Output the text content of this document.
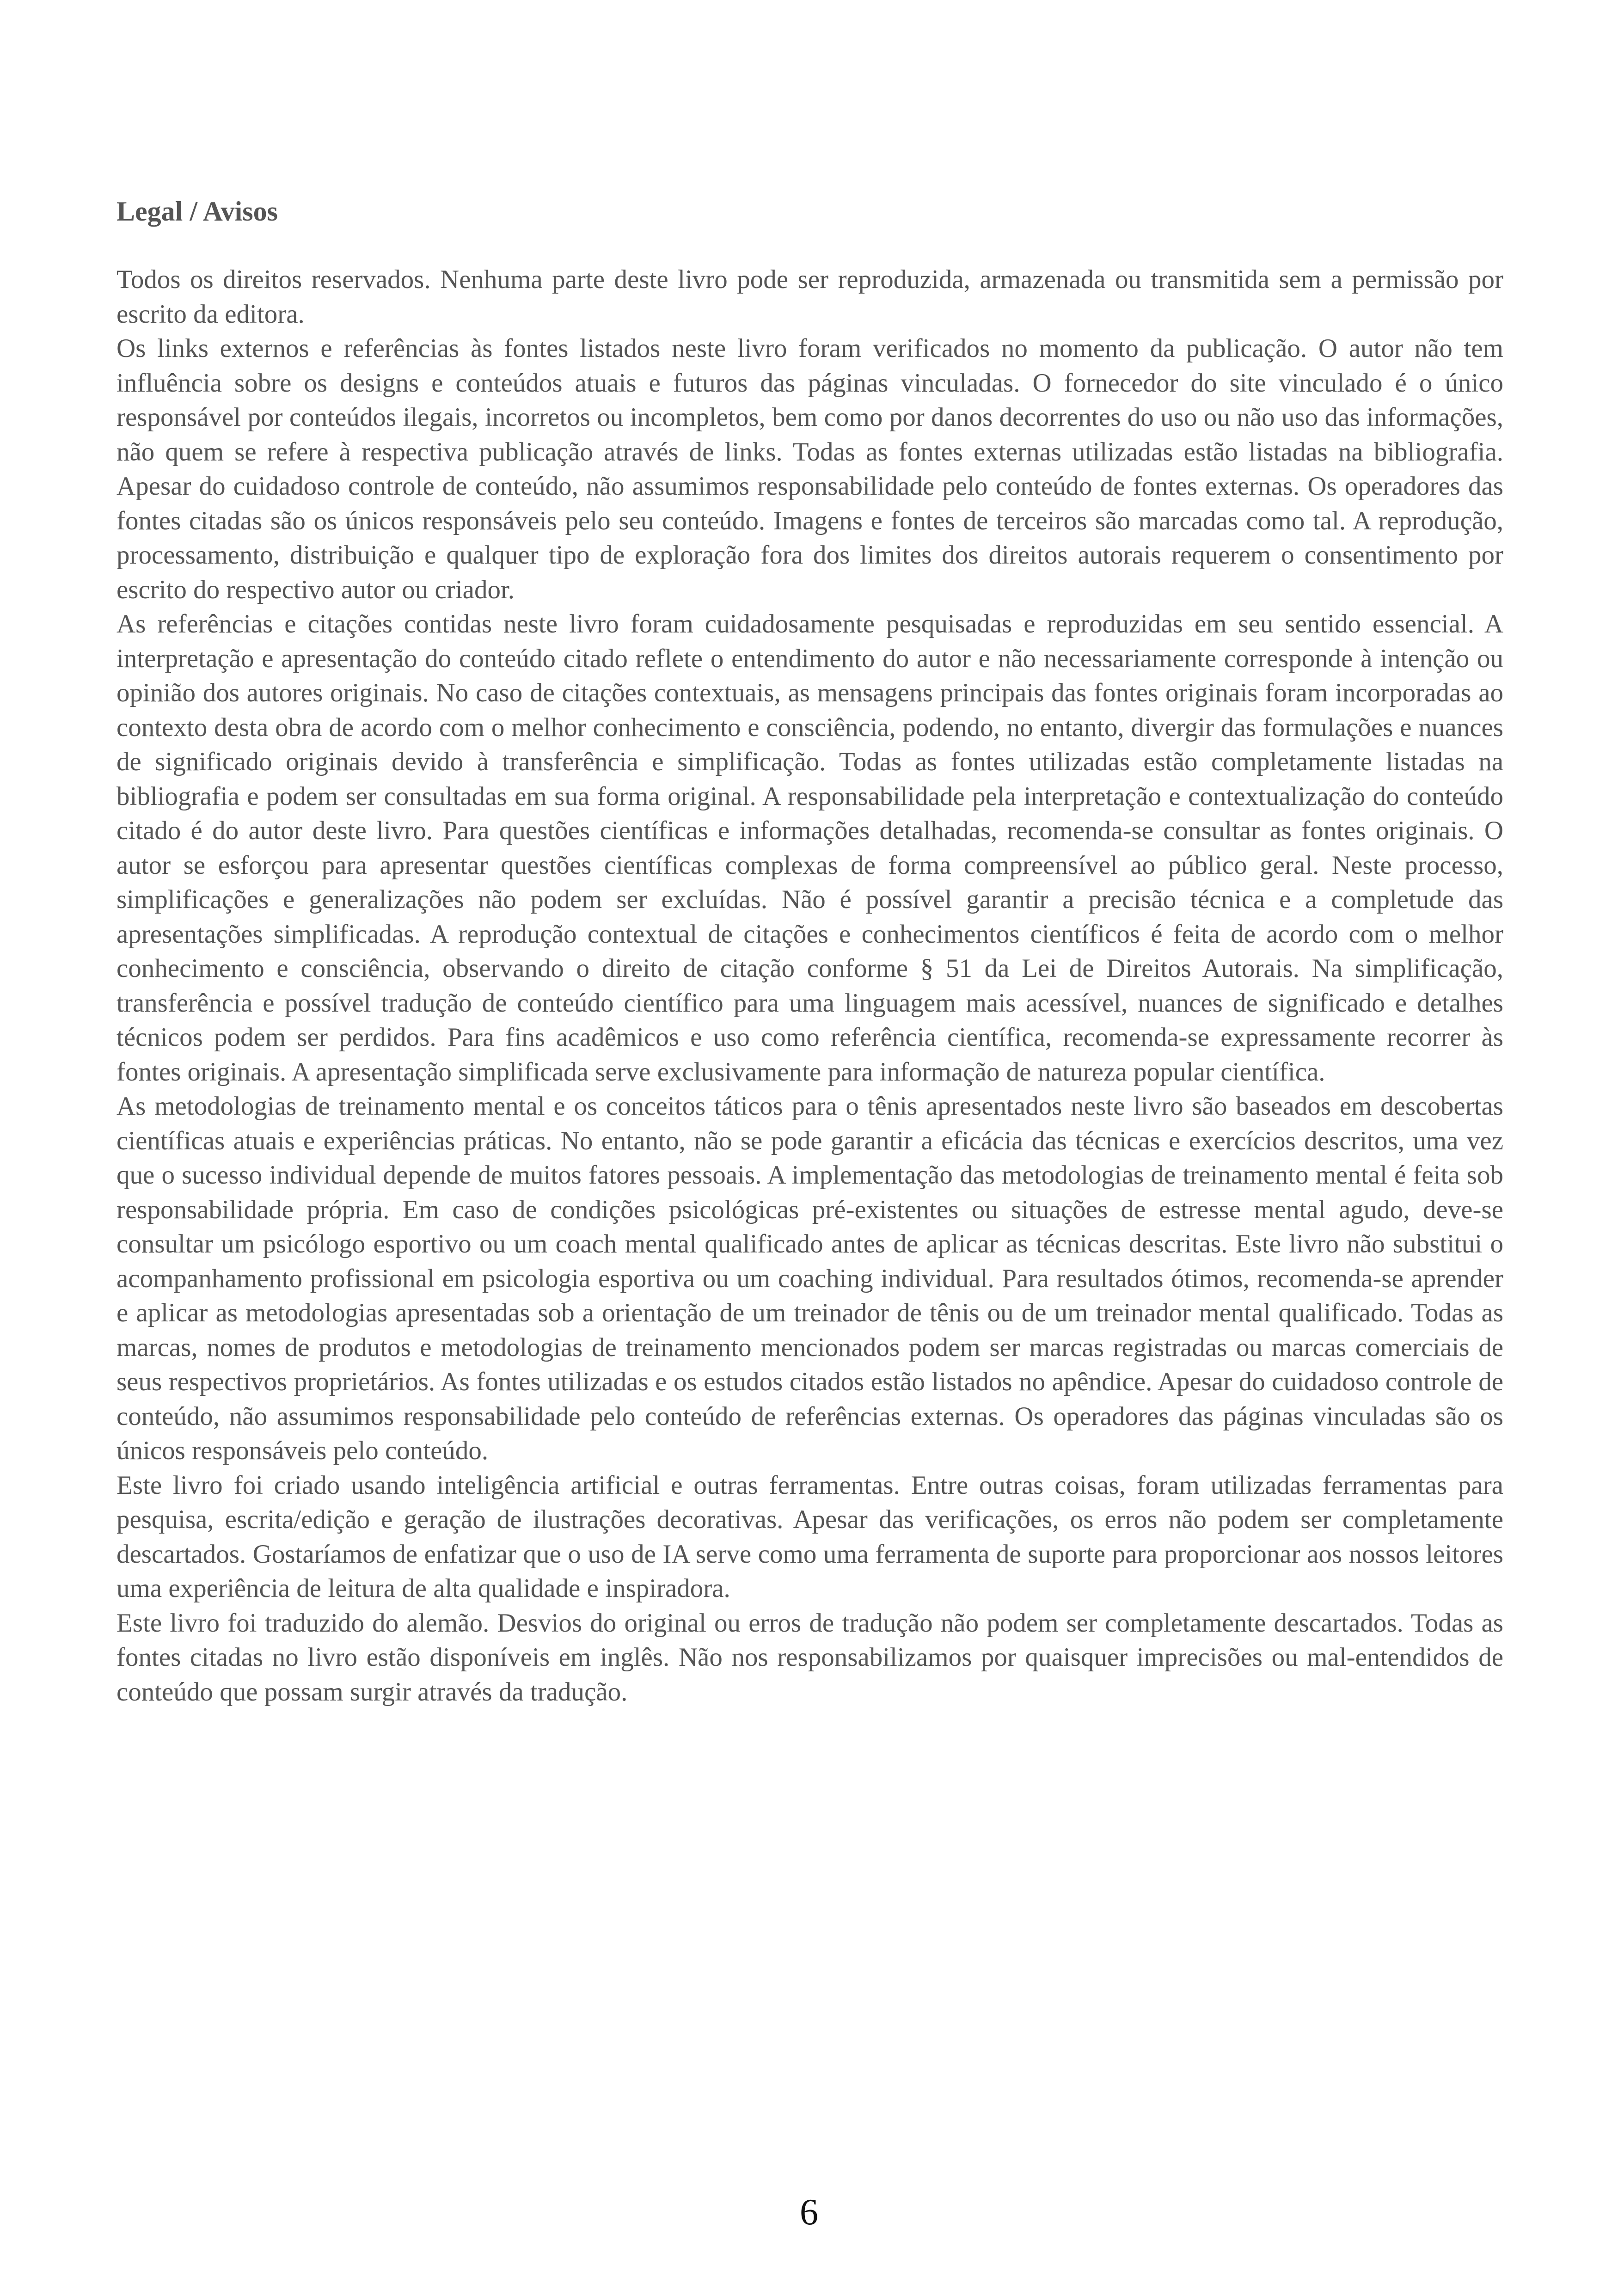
Legal / Avisos

Todos os direitos reservados. Nenhuma parte deste livro pode ser reproduzida, armazenada ou transmitida sem a permissão por escrito da editora.

Os links externos e referências às fontes listados neste livro foram verificados no momento da publicação. O autor não tem influência sobre os designs e conteúdos atuais e futuros das páginas vinculadas. O fornecedor do site vinculado é o único responsável por conteúdos ilegais, incorretos ou incompletos, bem como por danos decorrentes do uso ou não uso das informações, não quem se refere à respectiva publicação através de links. Todas as fontes externas utilizadas estão listadas na bibliografia. Apesar do cuidadoso controle de conteúdo, não assumimos responsabilidade pelo conteúdo de fontes externas. Os operadores das fontes citadas são os únicos responsáveis pelo seu conteúdo. Imagens e fontes de terceiros são marcadas como tal. A reprodução, processamento, distribuição e qualquer tipo de exploração fora dos limites dos direitos autorais requerem o consentimento por escrito do respectivo autor ou criador.

As referências e citações contidas neste livro foram cuidadosamente pesquisadas e reproduzidas em seu sentido essencial. A interpretação e apresentação do conteúdo citado reflete o entendimento do autor e não necessariamente corresponde à intenção ou opinião dos autores originais. No caso de citações contextuais, as mensagens principais das fontes originais foram incorporadas ao contexto desta obra de acordo com o melhor conhecimento e consciência, podendo, no entanto, divergir das formulações e nuances de significado originais devido à transferência e simplificação. Todas as fontes utilizadas estão completamente listadas na bibliografia e podem ser consultadas em sua forma original. A responsabilidade pela interpretação e contextualização do conteúdo citado é do autor deste livro. Para questões científicas e informações detalhadas, recomenda-se consultar as fontes originais. O autor se esforçou para apresentar questões científicas complexas de forma compreensível ao público geral. Neste processo, simplificações e generalizações não podem ser excluídas. Não é possível garantir a precisão técnica e a completude das apresentações simplificadas. A reprodução contextual de citações e conhecimentos científicos é feita de acordo com o melhor conhecimento e consciência, observando o direito de citação conforme § 51 da Lei de Direitos Autorais. Na simplificação, transferência e possível tradução de conteúdo científico para uma linguagem mais acessível, nuances de significado e detalhes técnicos podem ser perdidos. Para fins acadêmicos e uso como referência científica, recomenda-se expressamente recorrer às fontes originais. A apresentação simplificada serve exclusivamente para informação de natureza popular científica.

As metodologias de treinamento mental e os conceitos táticos para o tênis apresentados neste livro são baseados em descobertas científicas atuais e experiências práticas. No entanto, não se pode garantir a eficácia das técnicas e exercícios descritos, uma vez que o sucesso individual depende de muitos fatores pessoais. A implementação das metodologias de treinamento mental é feita sob responsabilidade própria. Em caso de condições psicológicas pré-existentes ou situações de estresse mental agudo, deve-se consultar um psicólogo esportivo ou um coach mental qualificado antes de aplicar as técnicas descritas. Este livro não substitui o acompanhamento profissional em psicologia esportiva ou um coaching individual. Para resultados ótimos, recomenda-se aprender e aplicar as metodologias apresentadas sob a orientação de um treinador de tênis ou de um treinador mental qualificado. Todas as marcas, nomes de produtos e metodologias de treinamento mencionados podem ser marcas registradas ou marcas comerciais de seus respectivos proprietários. As fontes utilizadas e os estudos citados estão listados no apêndice. Apesar do cuidadoso controle de conteúdo, não assumimos responsabilidade pelo conteúdo de referências externas. Os operadores das páginas vinculadas são os únicos responsáveis pelo conteúdo.

Este livro foi criado usando inteligência artificial e outras ferramentas. Entre outras coisas, foram utilizadas ferramentas para pesquisa, escrita/edição e geração de ilustrações decorativas. Apesar das verificações, os erros não podem ser completamente descartados. Gostaríamos de enfatizar que o uso de IA serve como uma ferramenta de suporte para proporcionar aos nossos leitores uma experiência de leitura de alta qualidade e inspiradora.

Este livro foi traduzido do alemão. Desvios do original ou erros de tradução não podem ser completamente descartados. Todas as fontes citadas no livro estão disponíveis em inglês. Não nos responsabilizamos por quaisquer imprecisões ou mal-entendidos de conteúdo que possam surgir através da tradução.

6
